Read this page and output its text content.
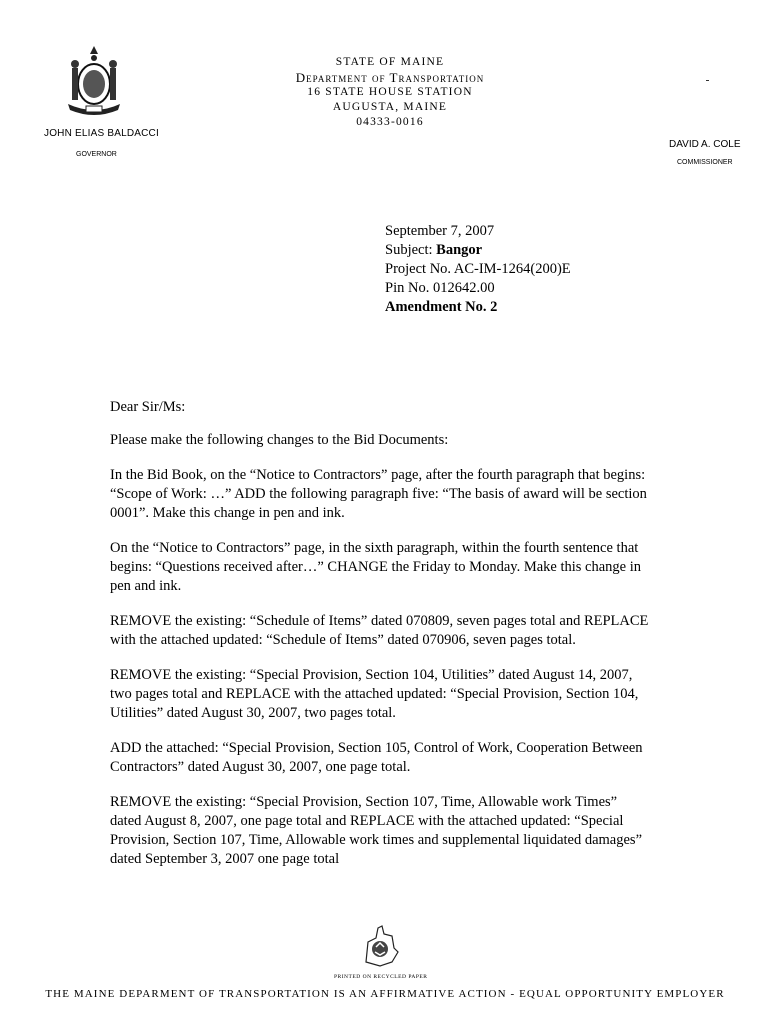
STATE OF MAINE
Department of Transportation
16 STATE HOUSE STATION
AUGUSTA, MAINE
04333-0016
JOHN ELIAS BALDACCI
GOVERNOR
DAVID A. COLE
COMMISSIONER
September 7, 2007
Subject: Bangor
Project No. AC-IM-1264(200)E
Pin No. 012642.00
Amendment No. 2

Dear Sir/Ms:

Please make the following changes to the Bid Documents:

In the Bid Book, on the “Notice to Contractors” page, after the fourth paragraph that begins: “Scope of Work: …” ADD the following paragraph five: “The basis of award will be section 0001”. Make this change in pen and ink.

On the “Notice to Contractors” page, in the sixth paragraph, within the fourth sentence that begins: “Questions received after…” CHANGE the Friday to Monday. Make this change in pen and ink.

REMOVE the existing: “Schedule of Items” dated 070809, seven pages total and REPLACE with the attached updated: “Schedule of Items” dated 070906, seven pages total.

REMOVE the existing: “Special Provision, Section 104, Utilities” dated August 14, 2007, two pages total and REPLACE with the attached updated: “Special Provision, Section 104, Utilities” dated August 30, 2007, two pages total.

ADD the attached: “Special Provision, Section 105, Control of Work, Cooperation Between Contractors” dated August 30, 2007, one page total.

REMOVE the existing: “Special Provision, Section 107, Time, Allowable work Times” dated August 8, 2007, one page total and REPLACE with the attached updated: “Special Provision, Section 107, Time, Allowable work times and supplemental liquidated damages” dated September 3, 2007 one page total

PRINTED ON RECYCLED PAPER
THE MAINE DEPARMENT OF TRANSPORTATION IS AN AFFIRMATIVE ACTION - EQUAL OPPORTUNITY EMPLOYER
